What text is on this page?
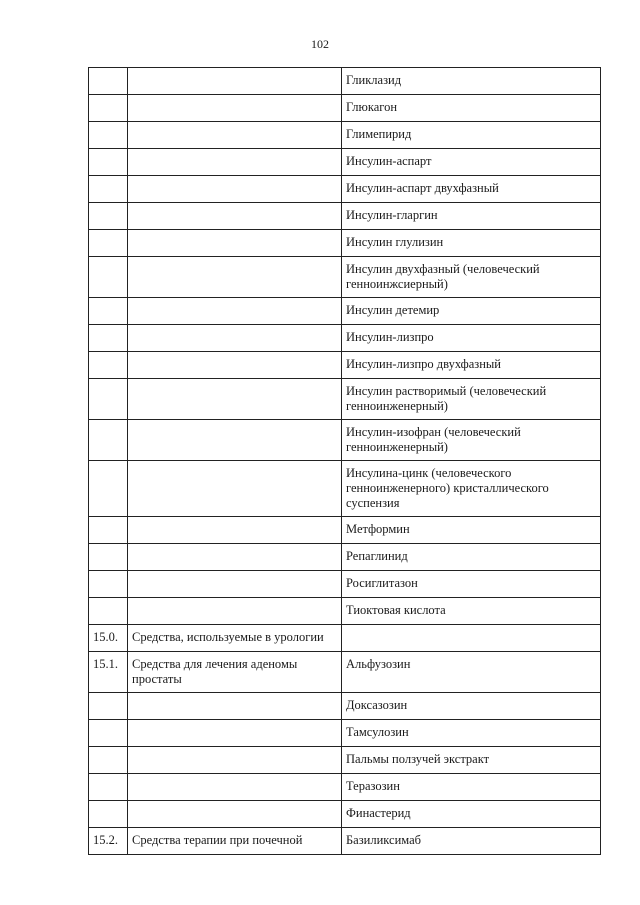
102
		Гликлазид
		Глюкагон
		Глимепирид
		Инсулин-аспарт
		Инсулин-аспарт двухфазный
		Инсулин-гларгин
		Инсулин глулизин
		Инсулин двухфазный (человеческий генноинжсиерный)
		Инсулин детемир
		Инсулин-лизпро
		Инсулин-лизпро двухфазный
		Инсулин растворимый (человеческий генноинженерный)
		Инсулин-изофран (человеческий генноинженерный)
		Инсулина-цинк (человеческого генноинженерного) кристаллического суспензия
		Метформин
		Репаглинид
		Росиглитазон
		Тиоктовая кислота
15.0.	Средства, используемые в урологии	
15.1.	Средства для лечения аденомы простаты	Альфузозин
		Доксазозин
		Тамсулозин
		Пальмы ползучей экстракт
		Теразозин
		Финастерид
15.2.	Средства терапии при почечной	Базиликсимаб
